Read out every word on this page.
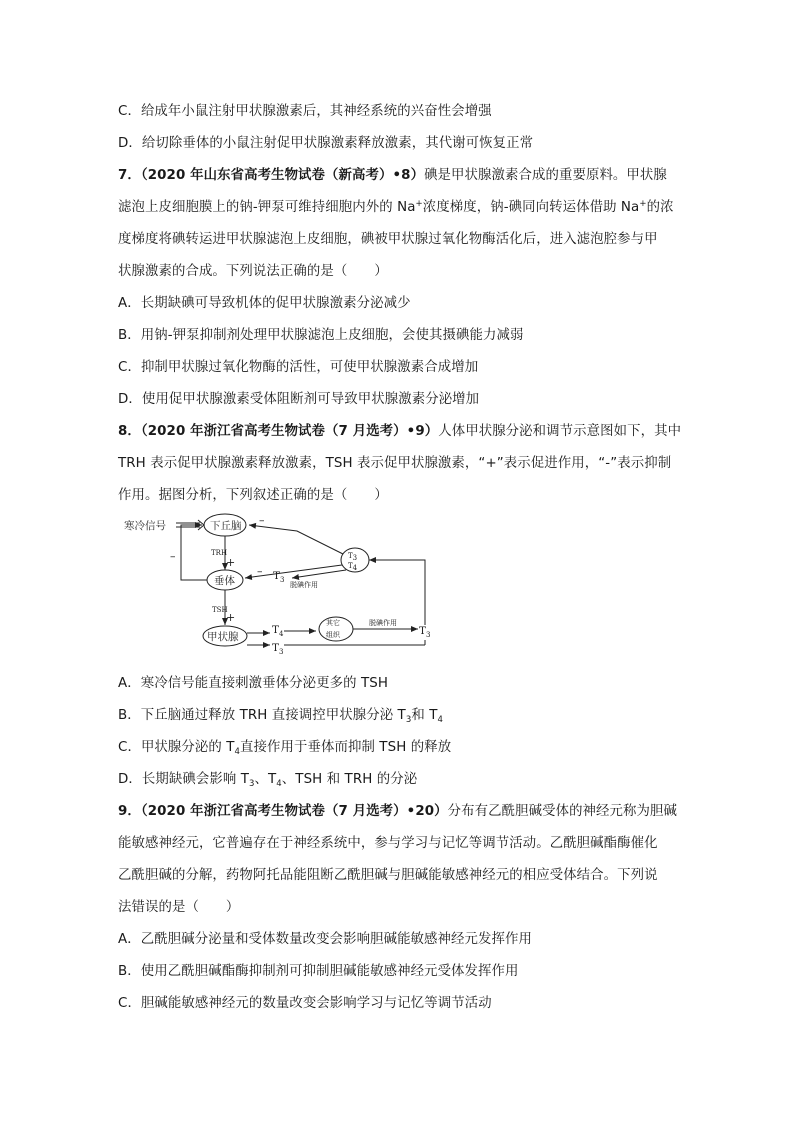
C．给成年小鼠注射甲状腺激素后，其神经系统的兴奋性会增强
D．给切除垂体的小鼠注射促甲状腺激素释放激素，其代谢可恢复正常
7．（2020 年山东省高考生物试卷（新高考）•8）碘是甲状腺激素合成的重要原料。甲状腺
滤泡上皮细胞膜上的钠-钾泵可维持细胞内外的 Na+浓度梯度，钠-碘同向转运体借助 Na+的浓
度梯度将碘转运进甲状腺滤泡上皮细胞，碘被甲状腺过氧化物酶活化后，进入滤泡腔参与甲
状腺激素的合成。下列说法正确的是（　　）
A．长期缺碘可导致机体的促甲状腺激素分泌减少
B．用钠-钾泵抑制剂处理甲状腺滤泡上皮细胞，会使其摄碘能力减弱
C．抑制甲状腺过氧化物酶的活性，可使甲状腺激素合成增加
D．使用促甲状腺激素受体阻断剂可导致甲状腺激素分泌增加
8．（2020 年浙江省高考生物试卷（7 月选考）•9）人体甲状腺分泌和调节示意图如下，其中
TRH 表示促甲状腺激素释放激素，TSH 表示促甲状腺激素，“+”表示促进作用，“-”表示抑制
作用。据图分析，下列叙述正确的是（　　）
寒冷信号	下丘脑
TRH
+
垂体
–
TSH
+
甲状腺
$T_4$
$T_3$
其它
组织
脱碘作用
$T_3$
T3
T4
–
– $T_3$
脱碘作用
A．寒冷信号能直接刺激垂体分泌更多的 TSH
B．下丘脑通过释放 TRH 直接调控甲状腺分泌 $T_3$和 $T_4$
C．甲状腺分泌的 $T_4$直接作用于垂体而抑制 TSH 的释放
D．长期缺碘会影响 $T_3$、$T_4$、TSH 和 TRH 的分泌
9．（2020 年浙江省高考生物试卷（7 月选考）•20）分布有乙酰胆碱受体的神经元称为胆碱
能敏感神经元，它普遍存在于神经系统中，参与学习与记忆等调节活动。乙酰胆碱酯酶催化
乙酰胆碱的分解，药物阿托品能阻断乙酰胆碱与胆碱能敏感神经元的相应受体结合。下列说
法错误的是（　　）
A．乙酰胆碱分泌量和受体数量改变会影响胆碱能敏感神经元发挥作用
B．使用乙酰胆碱酯酶抑制剂可抑制胆碱能敏感神经元受体发挥作用
C．胆碱能敏感神经元的数量改变会影响学习与记忆等调节活动
